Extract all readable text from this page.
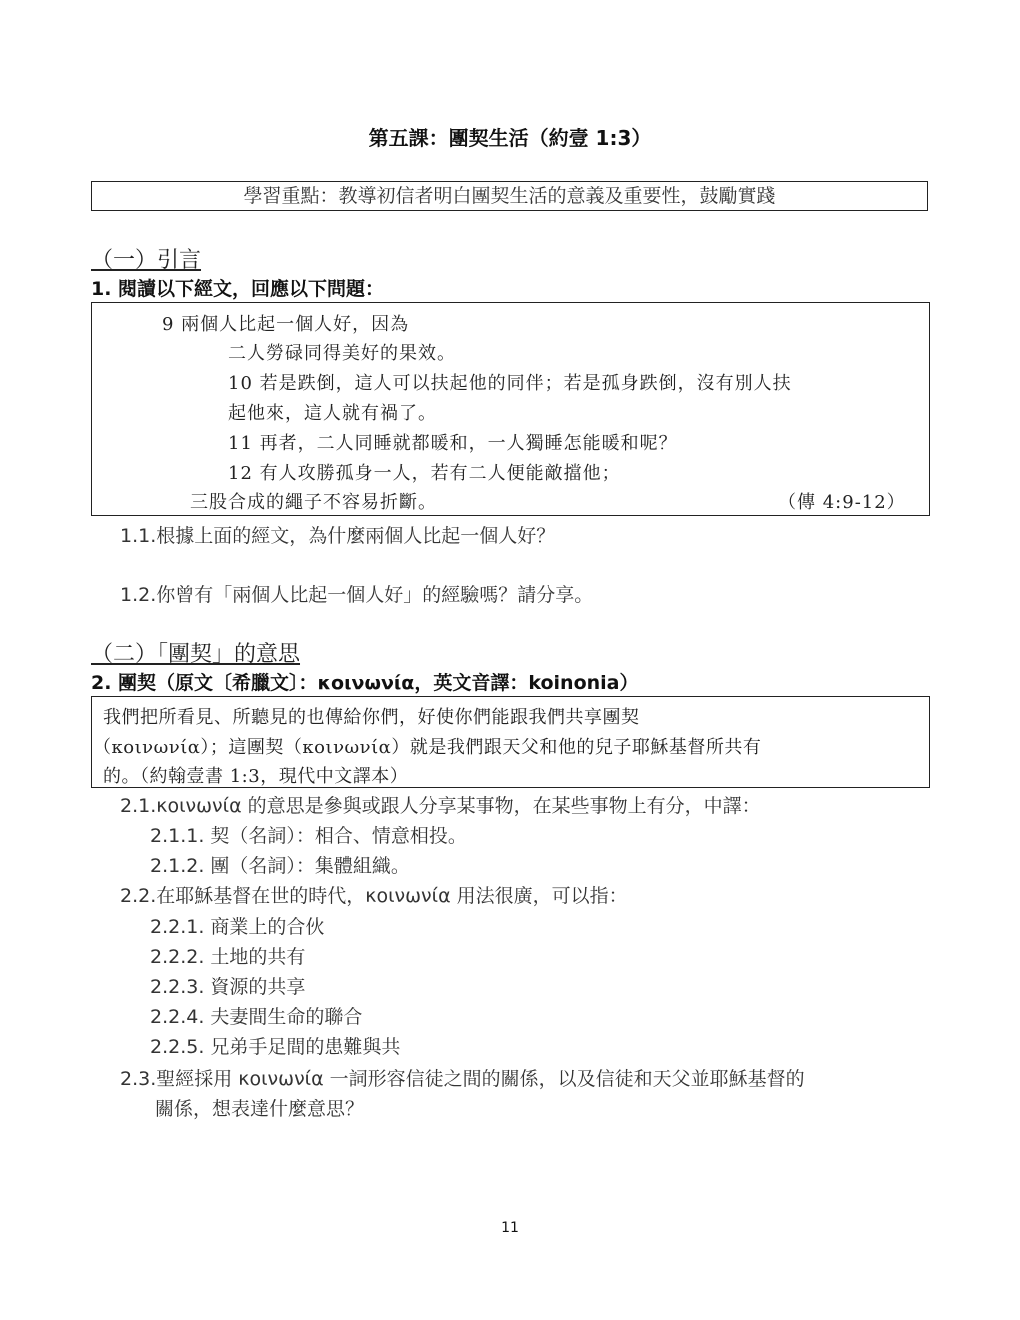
第五課：團契生活（約壹 1:3）
學習重點：教導初信者明白團契生活的意義及重要性，鼓勵實踐
（一）引言
1. 閱讀以下經文，回應以下問題：
9 兩個人比起一個人好，因為
二人勞碌同得美好的果效。
10 若是跌倒，這人可以扶起他的同伴；若是孤身跌倒，沒有別人扶
起他來，這人就有禍了。
11 再者，二人同睡就都暖和，一人獨睡怎能暖和呢？
12 有人攻勝孤身一人，若有二人便能敵擋他；
三股合成的繩子不容易折斷。	（傳 4:9-12）
1.1.根據上面的經文，為什麼兩個人比起一個人好？
1.2.你曾有「兩個人比起一個人好」的經驗嗎？請分享。
（二）「團契」的意思
2. 團契（原文〔希臘文〕：κοινωνία，英文音譯：koinonia）
我們把所看見、所聽見的也傳給你們，好使你們能跟我們共享團契
（κοινωνία）；這團契（κοινωνία）就是我們跟天父和他的兒子耶穌基督所共有
的。（約翰壹書 1:3，現代中文譯本）
2.1.κοινωνία 的意思是參與或跟人分享某事物，在某些事物上有分，中譯：
2.1.1. 契（名詞）：相合、情意相投。
2.1.2. 團（名詞）：集體組織。
2.2.在耶穌基督在世的時代，κοινωνία 用法很廣，可以指：
2.2.1. 商業上的合伙
2.2.2. 土地的共有
2.2.3. 資源的共享
2.2.4. 夫妻間生命的聯合
2.2.5. 兄弟手足間的患難與共
2.3.聖經採用 κοινωνία 一詞形容信徒之間的關係，以及信徒和天父並耶穌基督的
關係，想表達什麼意思？
11
